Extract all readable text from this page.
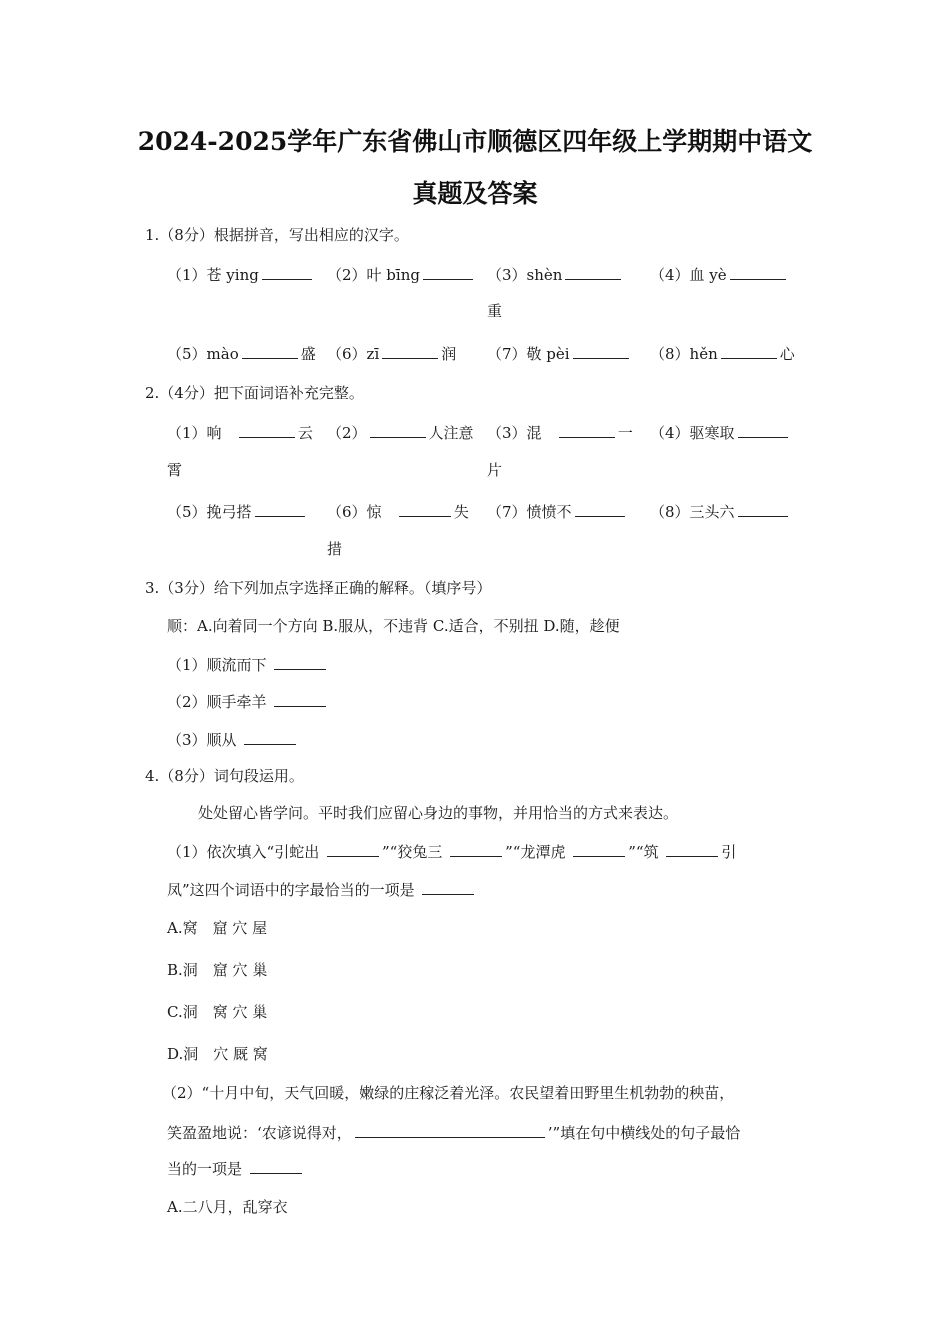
2024-2025学年广东省佛山市顺德区四年级上学期期中语文
真题及答案
1.（8分）根据拼音，写出相应的汉字。
（1）苍 ying	（2）叶 bīng	（3）shèn	（4）血 yè
重
（5）mào	盛 （6）zī	润 （7）敬 pèi	（8）hěn	心
2.（4分）把下面词语补充完整。
（1）响	云 （2）	人注意 （3）混	一 （4）驱寒取
霄	片
（5）挽弓搭	（6）惊	失 （7）愤愤不	（8）三头六
措
3.（3分）给下列加点字选择正确的解释。（填序号）
顺：A.向着同一个方向 B.服从，不违背 C.适合，不别扭 D.随，趁便
（1）顺流而下
（2）顺手牵羊
（3）顺从
4.（8分）词句段运用。
处处留心皆学问。平时我们应留心身边的事物，并用恰当的方式来表达。
（1）依次填入“引蛇出	”“狡兔三	”“龙潭虎	”“筑	引
凤”这四个词语中的字最恰当的一项是
A.窝　窟 穴 屋
B.洞　窟 穴 巢
C.洞　窝 穴 巢
D.洞　穴 厩 窝
（2）“十月中旬，天气回暖，嫩绿的庄稼泛着光泽。农民望着田野里生机勃勃的秧苗，
笑盈盈地说：‘农谚说得对，	’”填在句中横线处的句子最恰
当的一项是
A.二八月，乱穿衣
